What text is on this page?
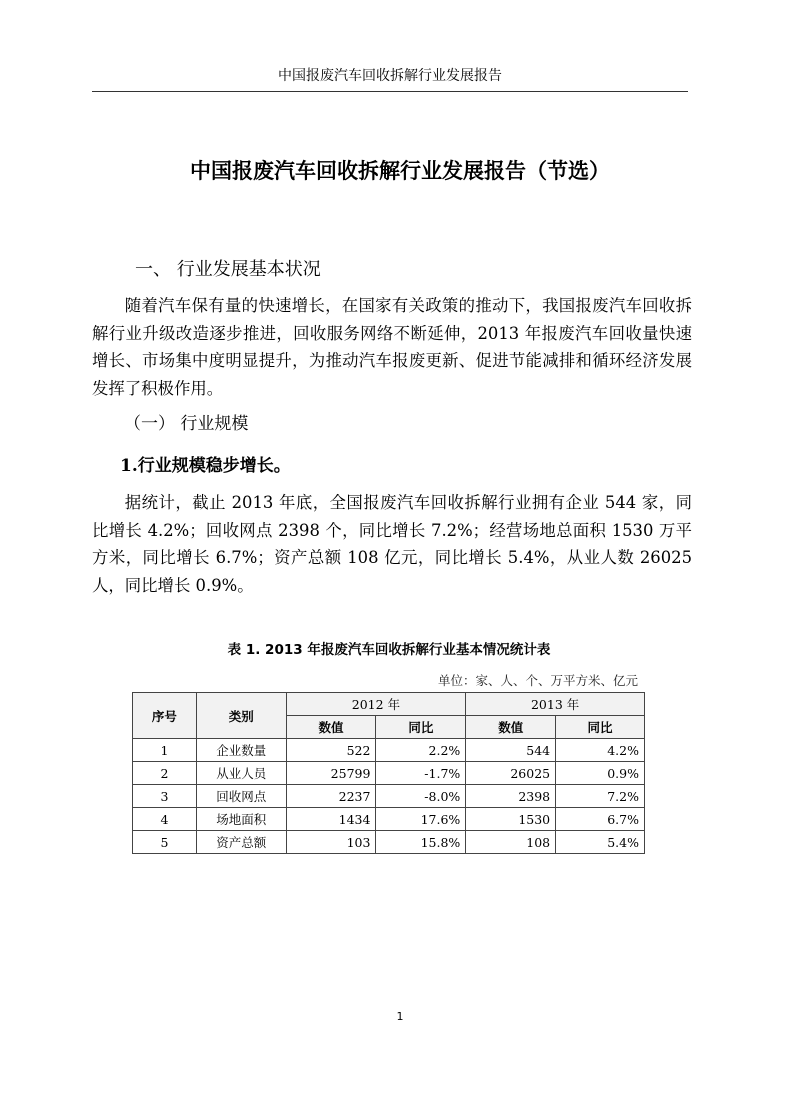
中国报废汽车回收拆解行业发展报告
中国报废汽车回收拆解行业发展报告（节选）
一、 行业发展基本状况

随着汽车保有量的快速增长，在国家有关政策的推动下，我国报废汽车回收拆解行业升级改造逐步推进，回收服务网络不断延伸，2013 年报废汽车回收量快速增长、市场集中度明显提升，为推动汽车报废更新、促进节能减排和循环经济发展发挥了积极作用。

（一） 行业规模
1.行业规模稳步增长。

据统计，截止 2013 年底，全国报废汽车回收拆解行业拥有企业 544 家，同比增长 4.2%；回收网点 2398 个，同比增长 7.2%；经营场地总面积 1530 万平方米，同比增长 6.7%；资产总额 108 亿元，同比增长 5.4%，从业人数 26025 人，同比增长 0.9%。

表 1. 2013 年报废汽车回收拆解行业基本情况统计表
单位：家、人、个、万平方米、亿元
序号	类别	2012 年		2013 年	
		数值	同比	数值	同比
1	企业数量	522	2.2%	544	4.2%
2	从业人员	25799	-1.7%	26025	0.9%
3	回收网点	2237	-8.0%	2398	7.2%
4	场地面积	1434	17.6%	1530	6.7%
5	资产总额	103	15.8%	108	5.4%
1
